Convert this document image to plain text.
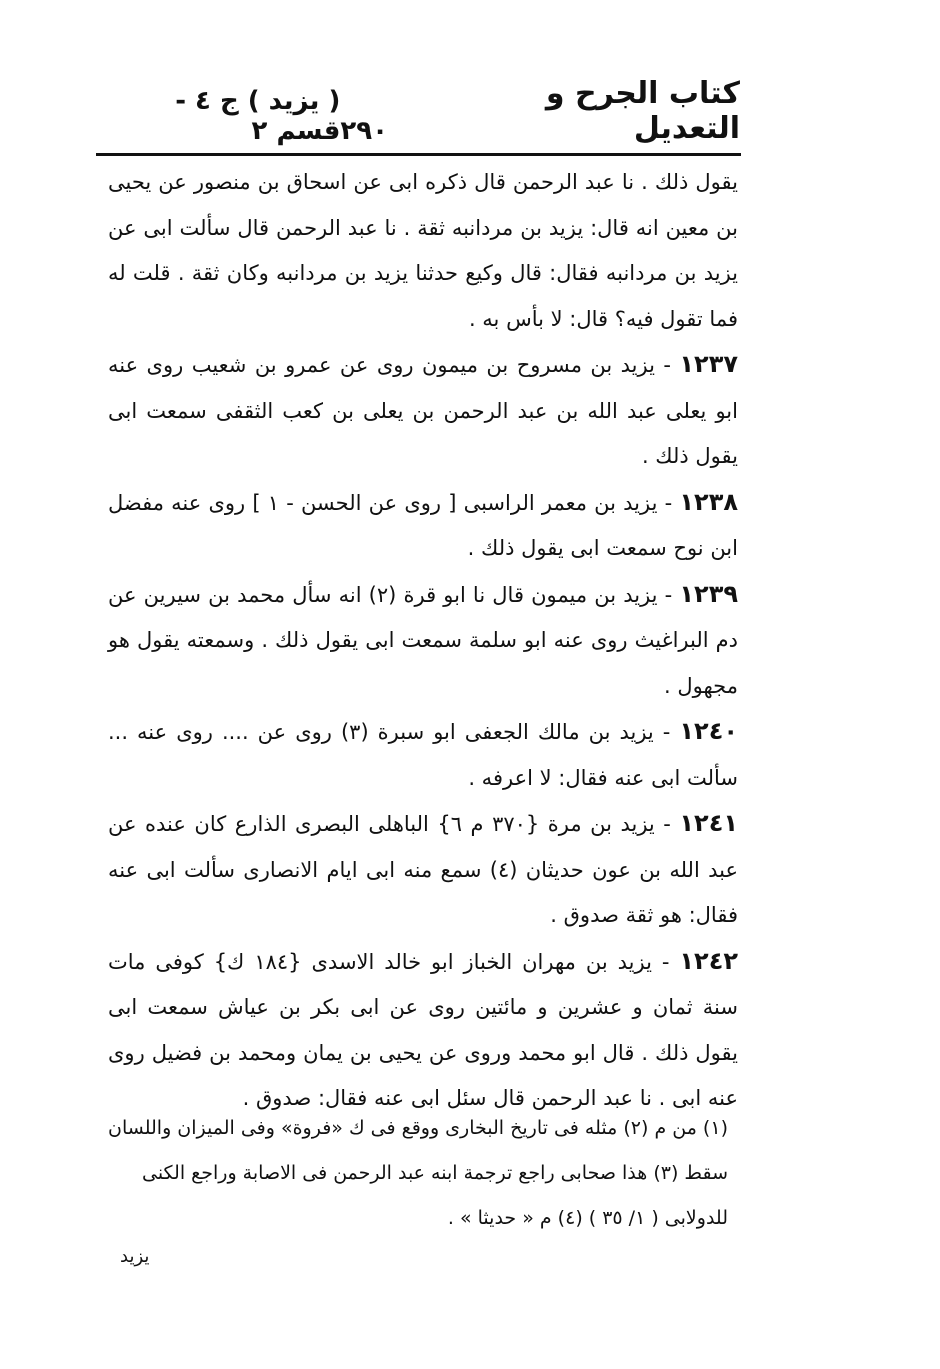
كتاب الجرح و التعديل
٢٩٠
( يزيد ) ج ٤ - قسم ٢

يقول ذلك . نا عبد الرحمن قال ذكره ابى عن اسحاق بن منصور عن يحيى بن معين انه قال: يزيد بن مردانبه ثقة . نا عبد الرحمن قال سألت ابى عن يزيد بن مردانبه فقال: قال وكيع حدثنا يزيد بن مردانبه وكان ثقة . قلت له فما تقول فيه؟ قال: لا بأس به .

١٢٣٧ - يزيد بن مسروح بن ميمون روى عن عمرو بن شعيب روى عنه ابو يعلى عبد الله بن عبد الرحمن بن يعلى بن كعب الثقفى سمعت ابى يقول ذلك .

١٢٣٨ - يزيد بن معمر الراسبى [ روى عن الحسن - ١ ] روى عنه مفضل ابن نوح سمعت ابى يقول ذلك .

١٢٣٩ - يزيد بن ميمون قال نا ابو قرة (٢) انه سأل محمد بن سيرين عن دم البراغيث روى عنه ابو سلمة سمعت ابى يقول ذلك . وسمعته يقول هو مجهول .

١٢٤٠ - يزيد بن مالك الجعفى ابو سبرة (٣) روى عن .... روى عنه ... سألت ابى عنه فقال: لا اعرفه .

١٢٤١ - يزيد بن مرة {٣٧٠ م ٦} الباهلى البصرى الذارع كان عنده عن عبد الله بن عون حديثان (٤) سمع منه ابى ايام الانصارى سألت ابى عنه فقال: هو ثقة صدوق .

١٢٤٢ - يزيد بن مهران الخباز ابو خالد الاسدى {١٨٤ ك} كوفى مات سنة ثمان و عشرين و مائتين روى عن ابى بكر بن عياش سمعت ابى يقول ذلك . قال ابو محمد وروى عن يحيى بن يمان ومحمد بن فضيل روى عنه ابى . نا عبد الرحمن قال سئل ابى عنه فقال: صدوق .

(١) من م (٢) مثله فى تاريخ البخارى ووقع فى ك «فروة» وفى الميزان واللسان

سقط (٣) هذا صحابى راجع ترجمة ابنه عبد الرحمن فى الاصابة وراجع الكنى

للدولابى ( ١/ ٣٥ ) (٤) م « حديثا » .

يزيد
